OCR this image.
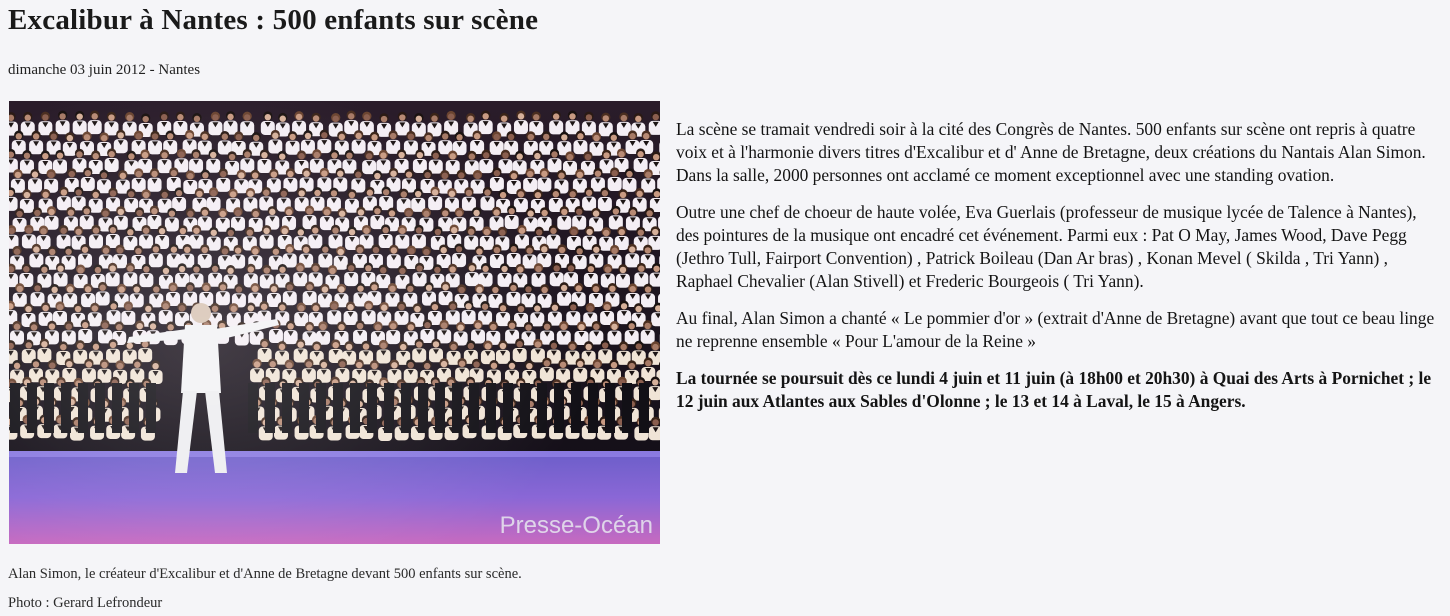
Excalibur à Nantes : 500 enfants sur scène
dimanche 03 juin 2012 - Nantes
Presse-Océan
Alan Simon, le créateur d'Excalibur et d'Anne de Bretagne devant 500 enfants sur scène.
Photo : Gerard Lefrondeur

La scène se tramait vendredi soir à la cité des Congrès de Nantes. 500 enfants sur scène ont repris à quatre voix et à l'harmonie divers titres d'Excalibur et d' Anne de Bretagne, deux créations du Nantais Alan Simon. Dans la salle, 2000 personnes ont acclamé ce moment exceptionnel avec une standing ovation.

Outre une chef de choeur de haute volée, Eva Guerlais (professeur de musique lycée de Talence à Nantes), des pointures de la musique ont encadré cet événement. Parmi eux : Pat O May, James Wood, Dave Pegg (Jethro Tull, Fairport Convention) , Patrick Boileau (Dan Ar bras) , Konan Mevel ( Skilda , Tri Yann) , Raphael Chevalier (Alan Stivell) et Frederic Bourgeois ( Tri Yann).

Au final, Alan Simon a chanté « Le pommier d'or » (extrait d'Anne de Bretagne) avant que tout ce beau linge ne reprenne ensemble « Pour L'amour de la Reine »

La tournée se poursuit dès ce lundi 4 juin et 11 juin (à 18h00 et 20h30) à Quai des Arts à Pornichet ; le 12 juin aux Atlantes aux Sables d'Olonne ; le 13 et 14 à Laval, le 15 à Angers.
